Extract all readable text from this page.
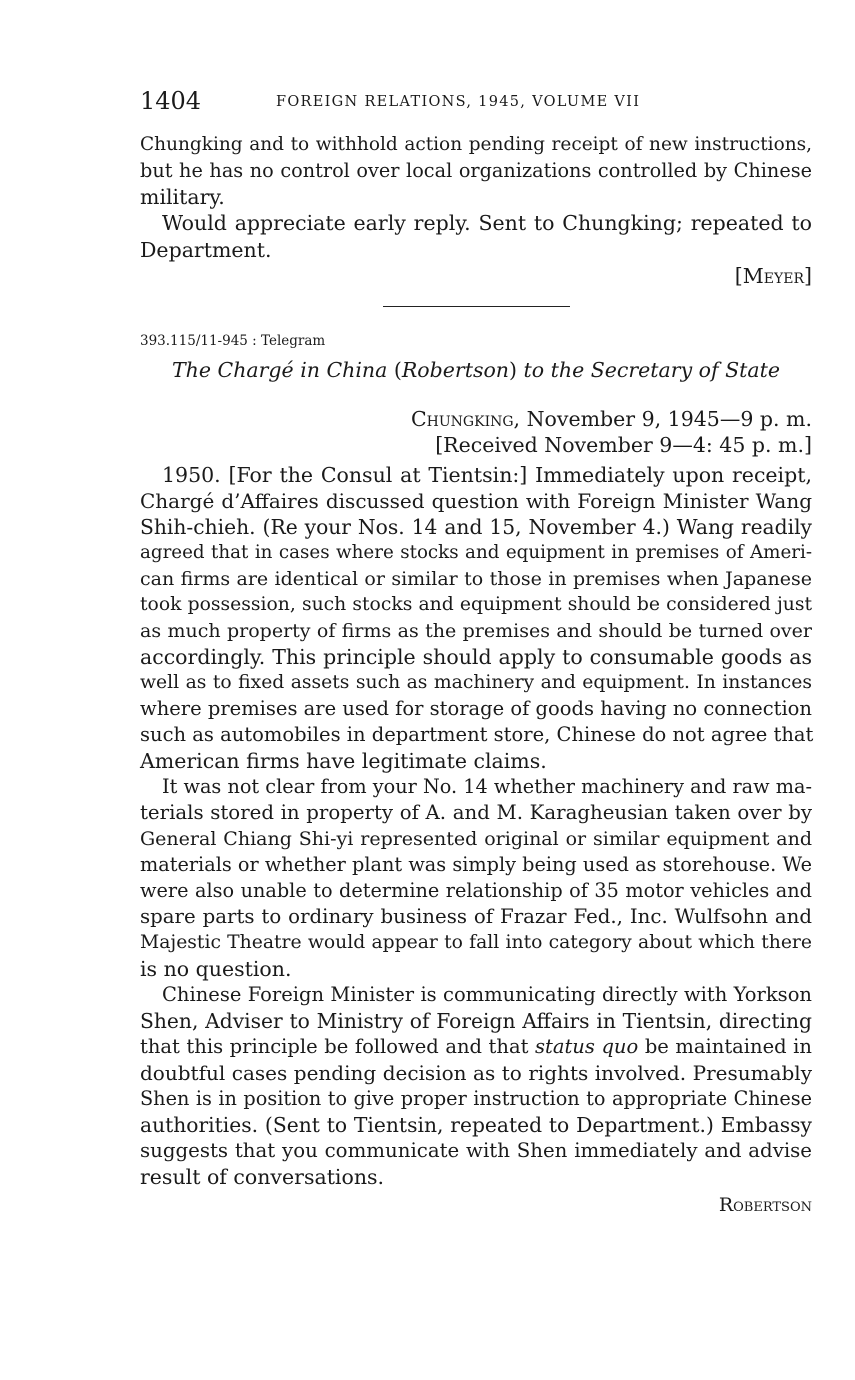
1404	FOREIGN RELATIONS, 1945, VOLUME VII
Chungking and to withhold action pending receipt of new instructions,
but he has no control over local organizations controlled by Chinese
military.
Would appreciate early reply. Sent to Chungking; repeated to
Department.
[Meyer]
393.115/11-945 : Telegram
The Chargé in China (Robertson) to the Secretary of State
Chungking, November 9, 1945—9 p. m.
[Received November 9—4: 45 p. m.]
1950. [For the Consul at Tientsin:] Immediately upon receipt,
Chargé d’Affaires discussed question with Foreign Minister Wang
Shih-chieh. (Re your Nos. 14 and 15, November 4.) Wang readily
agreed that in cases where stocks and equipment in premises of Ameri-
can firms are identical or similar to those in premises when Japanese
took possession, such stocks and equipment should be considered just
as much property of firms as the premises and should be turned over
accordingly. This principle should apply to consumable goods as
well as to fixed assets such as machinery and equipment. In instances
where premises are used for storage of goods having no connection
such as automobiles in department store, Chinese do not agree that
American firms have legitimate claims.
It was not clear from your No. 14 whether machinery and raw ma-
terials stored in property of A. and M. Karagheusian taken over by
General Chiang Shi-yi represented original or similar equipment and
materials or whether plant was simply being used as storehouse. We
were also unable to determine relationship of 35 motor vehicles and
spare parts to ordinary business of Frazar Fed., Inc. Wulfsohn and
Majestic Theatre would appear to fall into category about which there
is no question.
Chinese Foreign Minister is communicating directly with Yorkson
Shen, Adviser to Ministry of Foreign Affairs in Tientsin, directing
that this principle be followed and that status quo be maintained in
doubtful cases pending decision as to rights involved. Presumably
Shen is in position to give proper instruction to appropriate Chinese
authorities. (Sent to Tientsin, repeated to Department.) Embassy
suggests that you communicate with Shen immediately and advise
result of conversations.
Robertson
